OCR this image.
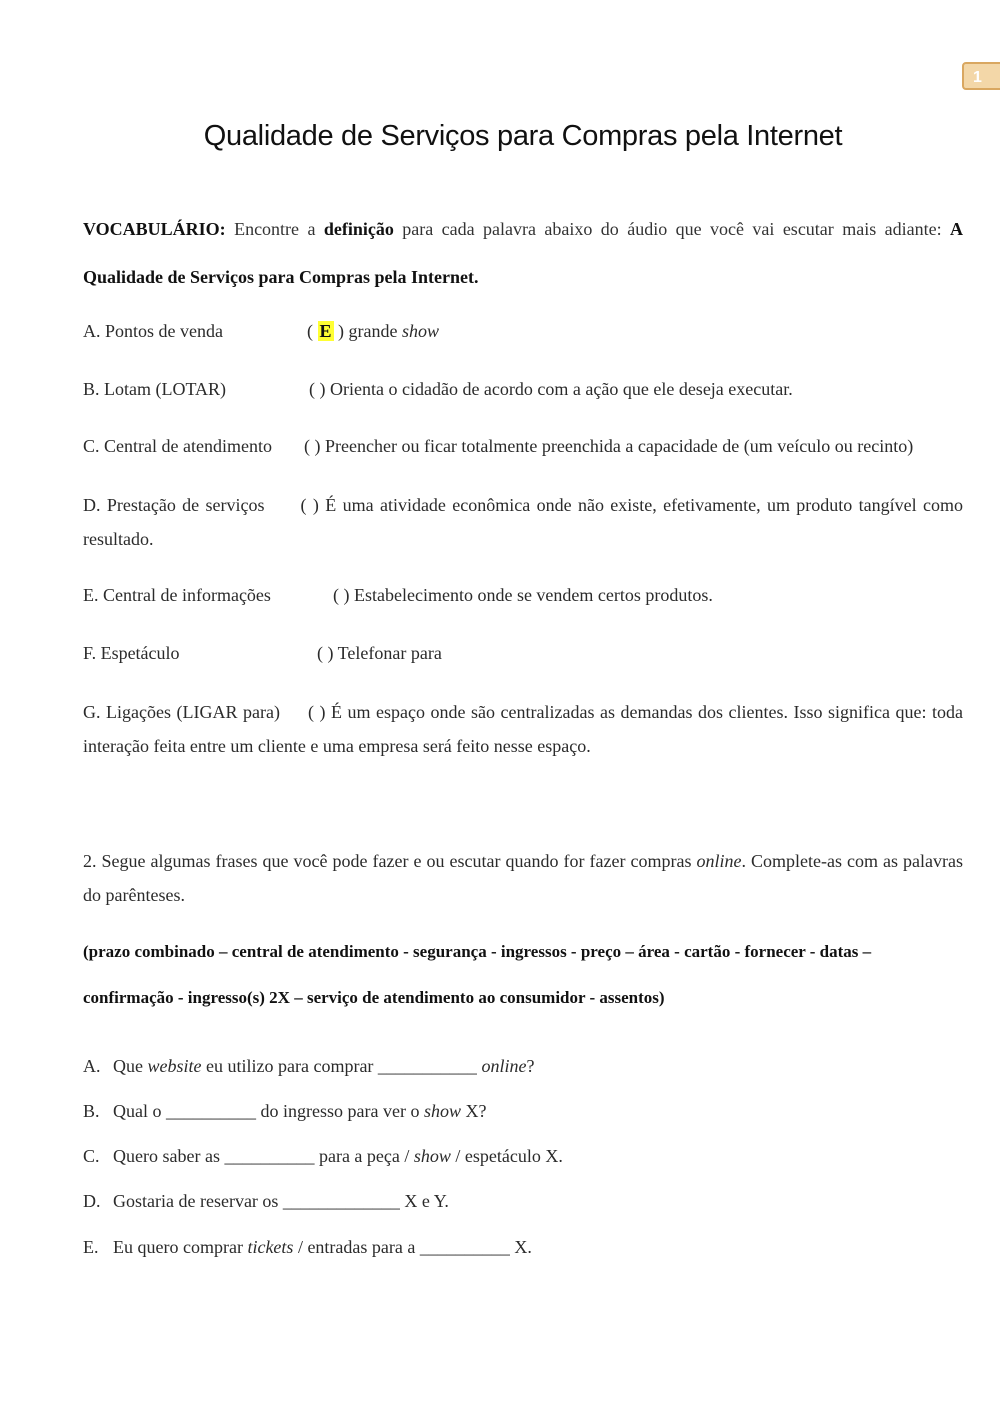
1
Qualidade de Serviços para Compras pela Internet
VOCABULÁRIO: Encontre a definição para cada palavra abaixo do áudio que você vai escutar mais adiante: A Qualidade de Serviços para Compras pela Internet.
A. Pontos de venda	( E ) grande show
B. Lotam (LOTAR)	( ) Orienta o cidadão de acordo com a ação que ele deseja executar.
C. Central de atendimento ( ) Preencher ou ficar totalmente preenchida a capacidade de (um veículo ou recinto)
D. Prestação de serviços ( ) É uma atividade econômica onde não existe, efetivamente, um produto tangível como resultado.
E. Central de informações	( ) Estabelecimento onde se vendem certos produtos.
F. Espetáculo	( ) Telefonar para
G. Ligações (LIGAR para) ( ) É um espaço onde são centralizadas as demandas dos clientes. Isso significa que: toda interação feita entre um cliente e uma empresa será feito nesse espaço.
2. Segue algumas frases que você pode fazer e ou escutar quando for fazer compras online. Complete-as com as palavras do parênteses.
(prazo combinado – central de atendimento - segurança - ingressos - preço – área - cartão - fornecer - datas – confirmação - ingresso(s) 2X – serviço de atendimento ao consumidor - assentos)
A. Que website eu utilizo para comprar ___________ online?
B. Qual o __________ do ingresso para ver o show X?
C. Quero saber as __________ para a peça / show / espetáculo X.
D. Gostaria de reservar os _____________ X e Y.
E. Eu quero comprar tickets / entradas para a __________ X.
